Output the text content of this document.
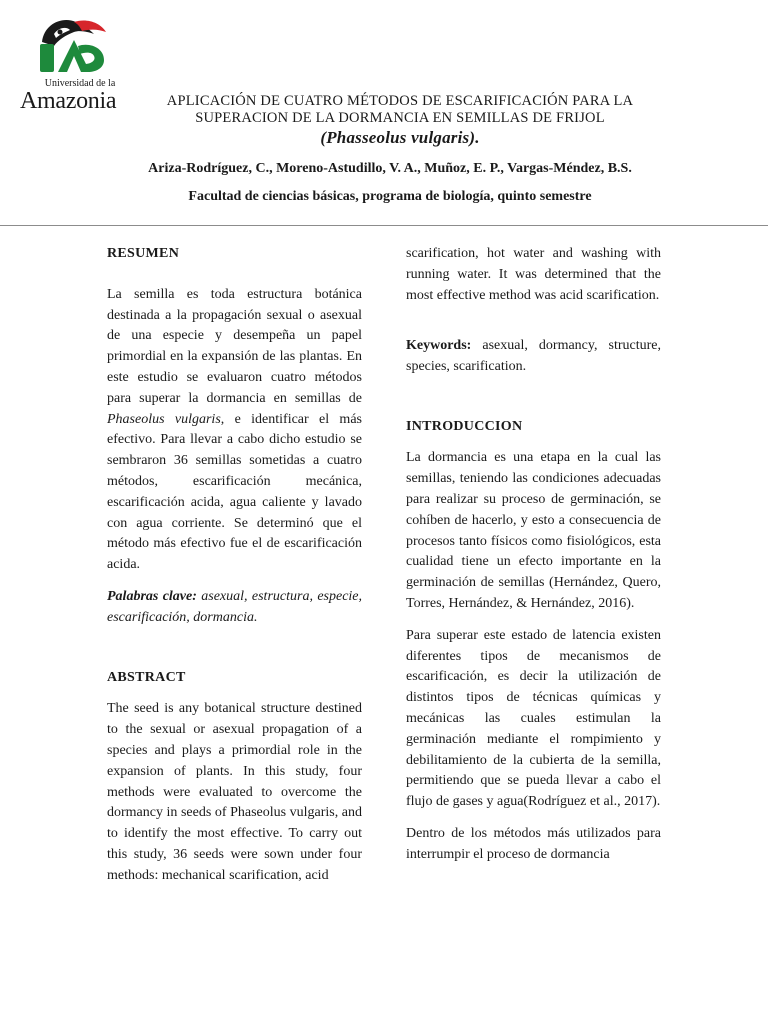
Universidad de la
Amazonia	APLICACIÓN DE CUATRO MÉTODOS DE ESCARIFICACIÓN PARA LA
SUPERACION DE LA DORMANCIA EN SEMILLAS DE FRIJOL
(Phasseolus vulgaris).
Ariza-Rodríguez, C., Moreno-Astudillo, V. A., Muñoz, E. P., Vargas-Méndez, B.S.
Facultad de ciencias básicas, programa de biología, quinto semestre

RESUMEN

La semilla es toda estructura botánica destinada a la propagación sexual o asexual de una especie y desempeña un papel primordial en la expansión de las plantas. En este estudio se evaluaron cuatro métodos para superar la dormancia en semillas de Phaseolus vulgaris, e identificar el más efectivo. Para llevar a cabo dicho estudio se sembraron 36 semillas sometidas a cuatro métodos, escarificación mecánica, escarificación acida, agua caliente y lavado con agua corriente. Se determinó que el método más efectivo fue el de escarificación acida.

Palabras clave: asexual, estructura, especie, escarificación, dormancia.

ABSTRACT

The seed is any botanical structure destined to the sexual or asexual propagation of a species and plays a primordial role in the expansion of plants. In this study, four methods were evaluated to overcome the dormancy in seeds of Phaseolus vulgaris, and to identify the most effective. To carry out this study, 36 seeds were sown under four methods: mechanical scarification, acid

scarification, hot water and washing with running water. It was determined that the most effective method was acid scarification.

Keywords: asexual, dormancy, structure, species, scarification.

INTRODUCCION

La dormancia es una etapa en la cual las semillas, teniendo las condiciones adecuadas para realizar su proceso de germinación, se cohíben de hacerlo, y esto a consecuencia de procesos tanto físicos como fisiológicos, esta cualidad tiene un efecto importante en la germinación de semillas (Hernández, Quero, Torres, Hernández, & Hernández, 2016).

Para superar este estado de latencia existen diferentes tipos de mecanismos de escarificación, es decir la utilización de distintos tipos de técnicas químicas y mecánicas las cuales estimulan la germinación mediante el rompimiento y debilitamiento de la cubierta de la semilla, permitiendo que se pueda llevar a cabo el flujo de gases y agua(Rodríguez et al., 2017).

Dentro de los métodos más utilizados para interrumpir el proceso de dormancia
